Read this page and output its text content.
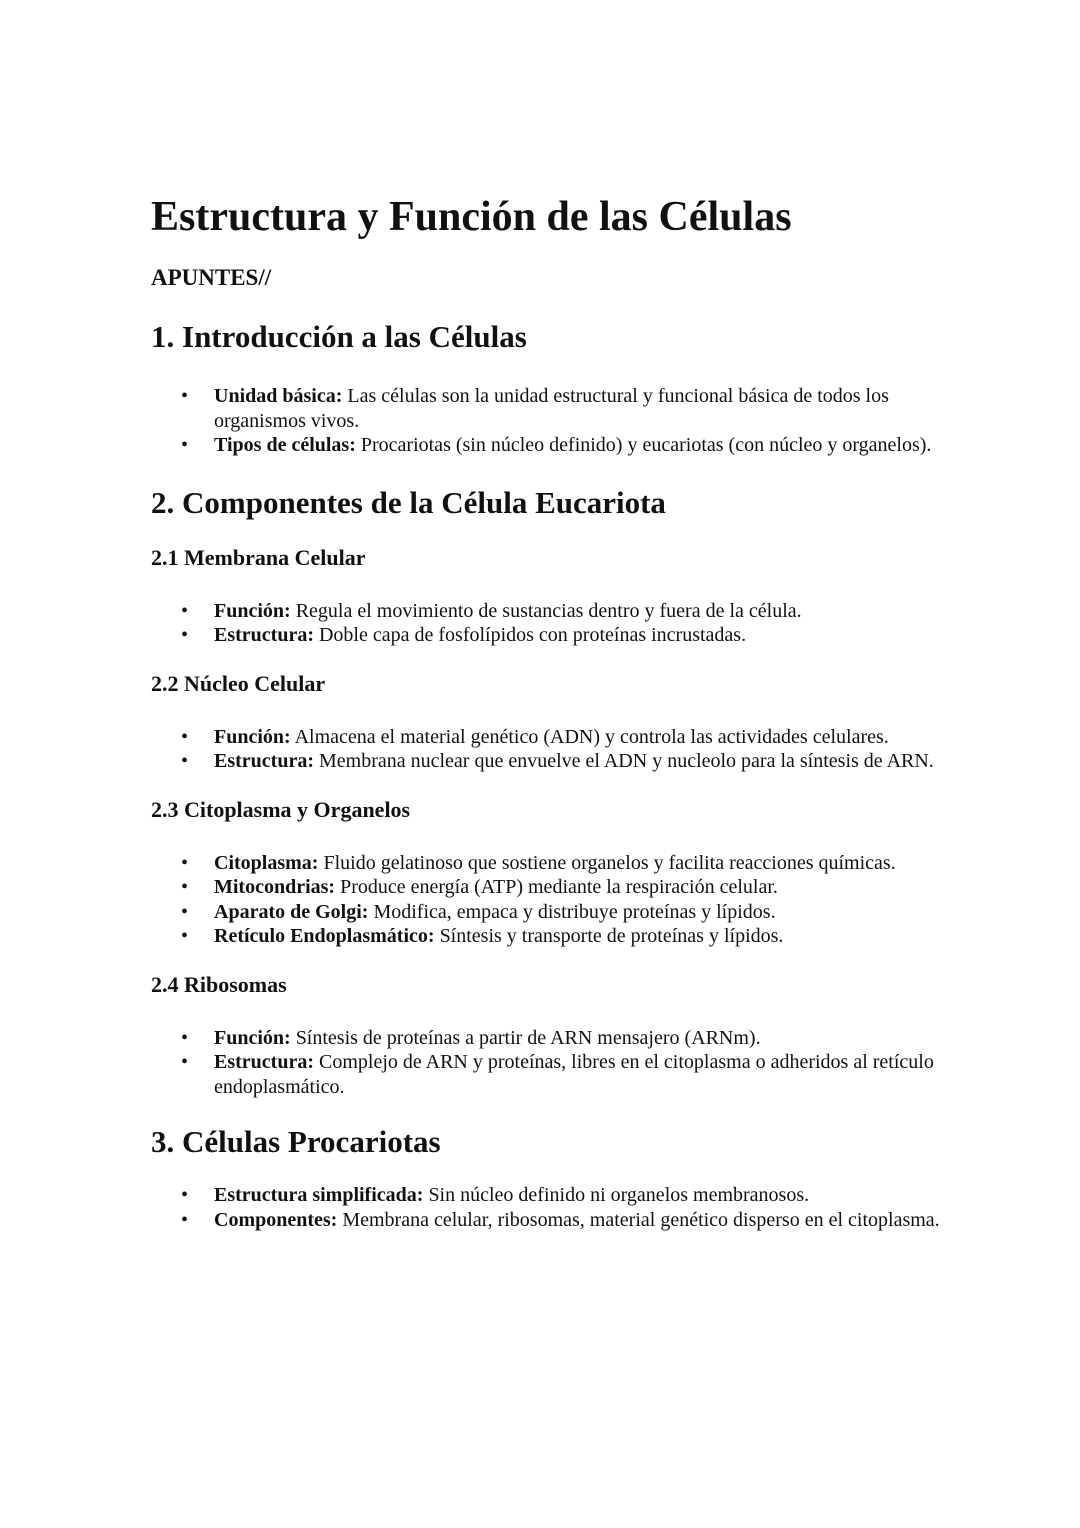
Estructura y Función de las Células
APUNTES//
1. Introducción a las Células
• Unidad básica: Las células son la unidad estructural y funcional básica de todos los organismos vivos.
• Tipos de células: Procariotas (sin núcleo definido) y eucariotas (con núcleo y organelos).
2. Componentes de la Célula Eucariota
2.1 Membrana Celular
• Función: Regula el movimiento de sustancias dentro y fuera de la célula.
• Estructura: Doble capa de fosfolípidos con proteínas incrustadas.
2.2 Núcleo Celular
• Función: Almacena el material genético (ADN) y controla las actividades celulares.
• Estructura: Membrana nuclear que envuelve el ADN y nucleolo para la síntesis de ARN.
2.3 Citoplasma y Organelos
• Citoplasma: Fluido gelatinoso que sostiene organelos y facilita reacciones químicas.
• Mitocondrias: Produce energía (ATP) mediante la respiración celular.
• Aparato de Golgi: Modifica, empaca y distribuye proteínas y lípidos.
• Retículo Endoplasmático: Síntesis y transporte de proteínas y lípidos.
2.4 Ribosomas
• Función: Síntesis de proteínas a partir de ARN mensajero (ARNm).
• Estructura: Complejo de ARN y proteínas, libres en el citoplasma o adheridos al retículo endoplasmático.
3. Células Procariotas
• Estructura simplificada: Sin núcleo definido ni organelos membranosos.
• Componentes: Membrana celular, ribosomas, material genético disperso en el citoplasma.
